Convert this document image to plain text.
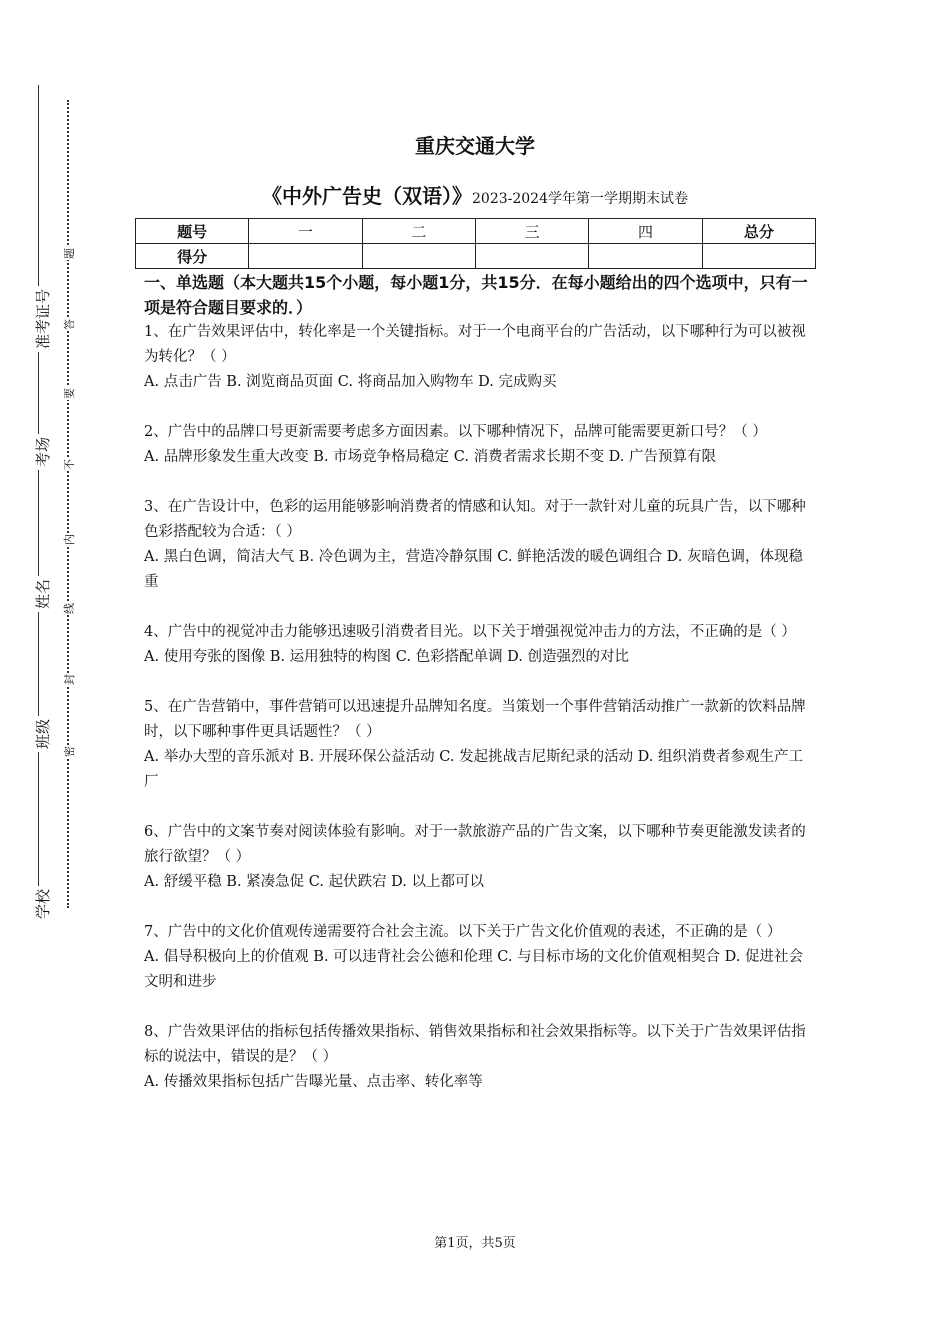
准考证号
考场
姓名
班级
学校
题
答
要
不
内
线
封
密
重庆交通大学
《中外广告史（双语）》2023-2024学年第一学期期末试卷
题号	一	二	三	四	总分
得分					
一、单选题（本大题共15个小题，每小题1分，共15分．在每小题给出的四个选项中，只有一项是符合题目要求的．）

1、在广告效果评估中，转化率是一个关键指标。对于一个电商平台的广告活动，以下哪种行为可以被视为转化？（ ）

A. 点击广告 B. 浏览商品页面 C. 将商品加入购物车 D. 完成购买

2、广告中的品牌口号更新需要考虑多方面因素。以下哪种情况下，品牌可能需要更新口号？（ ）

A. 品牌形象发生重大改变 B. 市场竞争格局稳定 C. 消费者需求长期不变 D. 广告预算有限

3、在广告设计中，色彩的运用能够影响消费者的情感和认知。对于一款针对儿童的玩具广告，以下哪种色彩搭配较为合适：（ ）

A. 黑白色调，简洁大气 B. 冷色调为主，营造冷静氛围 C. 鲜艳活泼的暖色调组合 D. 灰暗色调，体现稳重

4、广告中的视觉冲击力能够迅速吸引消费者目光。以下关于增强视觉冲击力的方法，不正确的是（ ）

A. 使用夸张的图像 B. 运用独特的构图 C. 色彩搭配单调 D. 创造强烈的对比

5、在广告营销中，事件营销可以迅速提升品牌知名度。当策划一个事件营销活动推广一款新的饮料品牌时，以下哪种事件更具话题性？（ ）

A. 举办大型的音乐派对 B. 开展环保公益活动 C. 发起挑战吉尼斯纪录的活动 D. 组织消费者参观生产工厂

6、广告中的文案节奏对阅读体验有影响。对于一款旅游产品的广告文案，以下哪种节奏更能激发读者的旅行欲望？（ ）

A. 舒缓平稳 B. 紧凑急促 C. 起伏跌宕 D. 以上都可以

7、广告中的文化价值观传递需要符合社会主流。以下关于广告文化价值观的表述，不正确的是（ ）

A. 倡导积极向上的价值观 B. 可以违背社会公德和伦理 C. 与目标市场的文化价值观相契合 D. 促进社会文明和进步

8、广告效果评估的指标包括传播效果指标、销售效果指标和社会效果指标等。以下关于广告效果评估指标的说法中，错误的是？（ ）

A. 传播效果指标包括广告曝光量、点击率、转化率等

第1页，共5页
